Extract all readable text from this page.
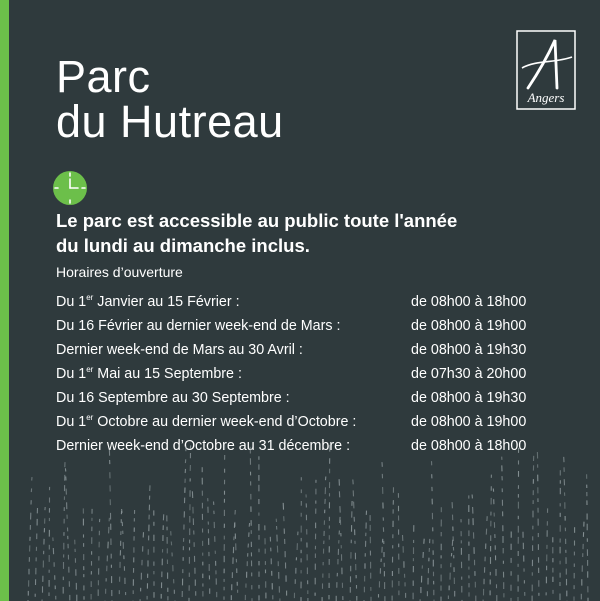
Parc
du Hutreau	Angers

Le parc est accessible au public toute l'année
du lundi au dimanche inclus.

Horaires d’ouverture
Du 1er Janvier au 15 Février :	de 08h00 à 18h00
Du 16 Février au dernier week-end de Mars :	de 08h00 à 19h00
Dernier week-end de Mars au 30 Avril :	de 08h00 à 19h30
Du 1er Mai au 15 Septembre :	de 07h30 à 20h00
Du 16 Septembre au 30 Septembre :	de 08h00 à 19h30
Du 1er Octobre au dernier week-end d’Octobre :	de 08h00 à 19h00
Dernier week-end d’Octobre au 31 décembre :	de 08h00 à 18h00
